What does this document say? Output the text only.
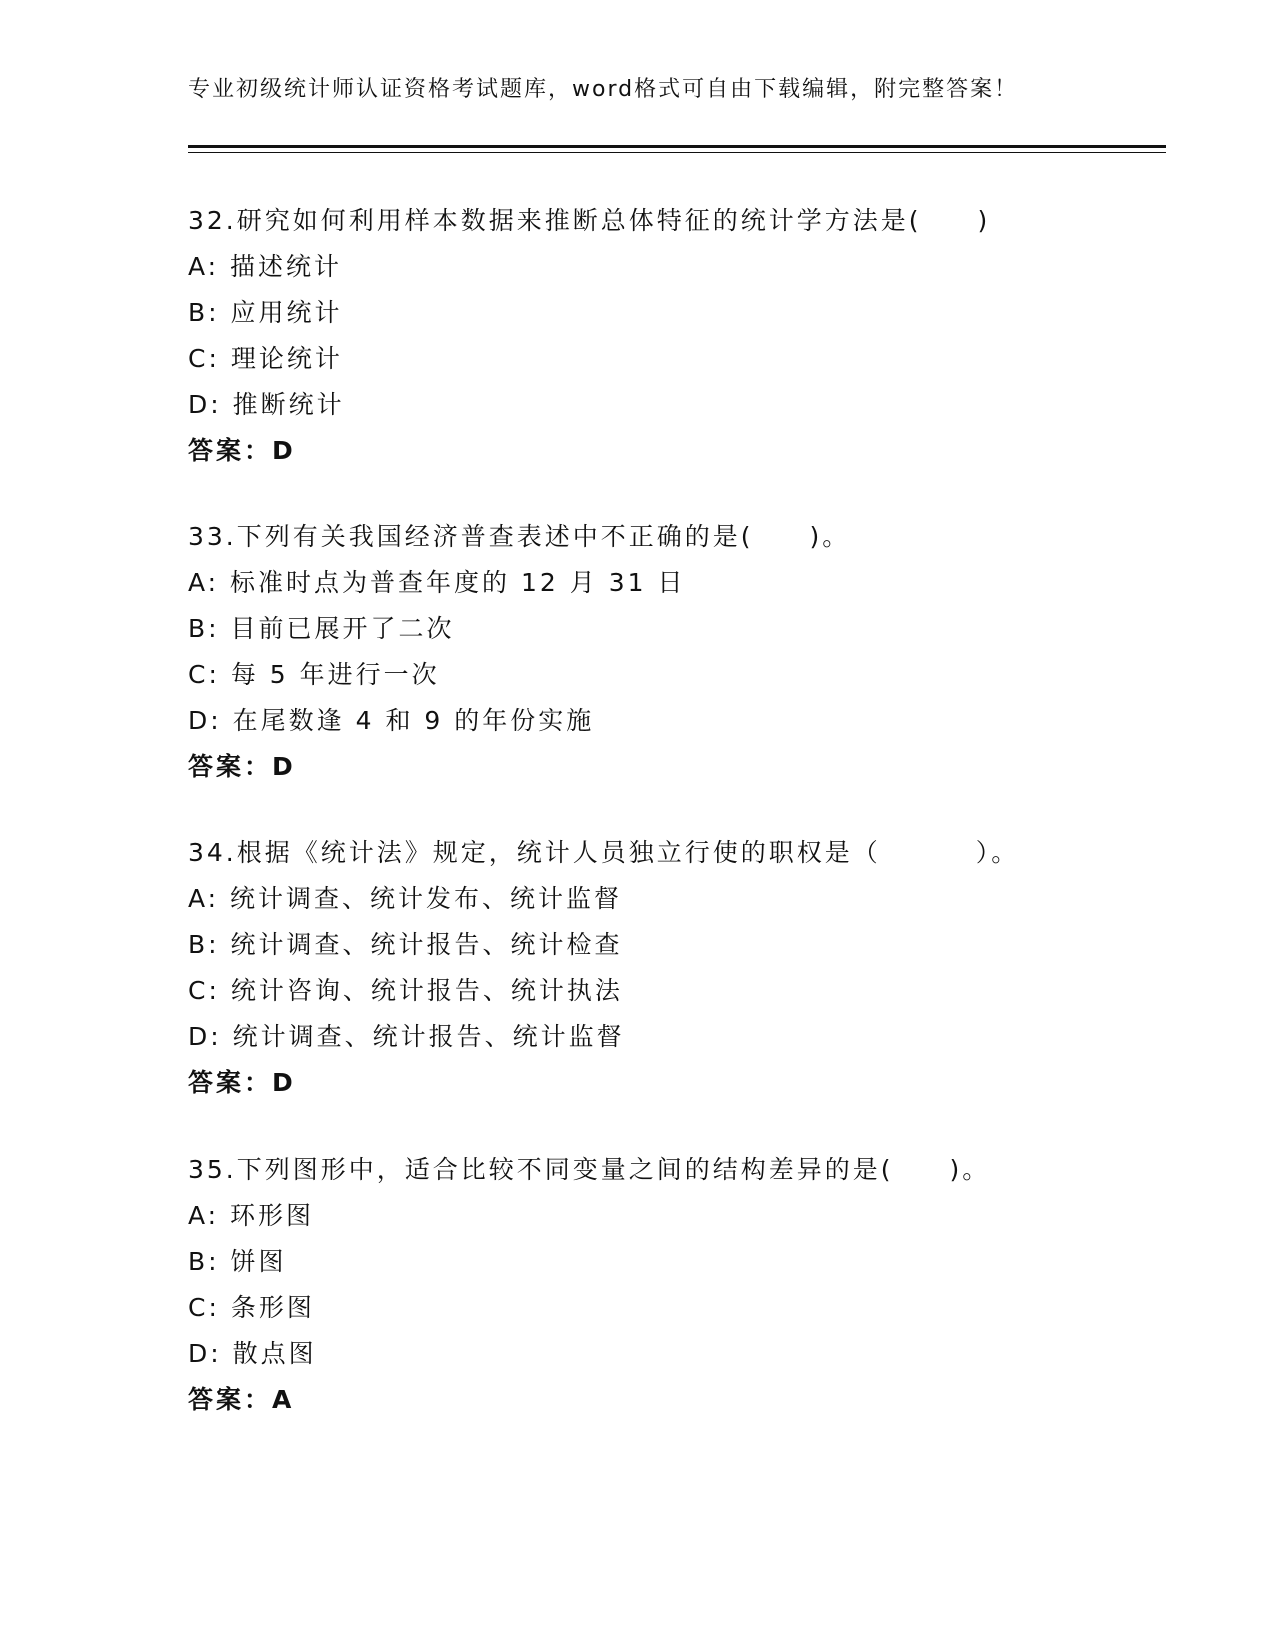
专业初级统计师认证资格考试题库，word格式可自由下载编辑，附完整答案！
32.研究如何利用样本数据来推断总体特征的统计学方法是(　　)
A: 描述统计
B: 应用统计
C: 理论统计
D: 推断统计
答案：D
33.下列有关我国经济普查表述中不正确的是(　　)。
A: 标准时点为普查年度的 12 月 31 日
B: 目前已展开了二次
C: 每 5 年进行一次
D: 在尾数逢 4 和 9 的年份实施
答案：D
34.根据《统计法》规定，统计人员独立行使的职权是（　　　 ）。
A: 统计调查、统计发布、统计监督
B: 统计调查、统计报告、统计检查
C: 统计咨询、统计报告、统计执法
D: 统计调查、统计报告、统计监督
答案：D
35.下列图形中，适合比较不同变量之间的结构差异的是(　　)。
A: 环形图
B: 饼图
C: 条形图
D: 散点图
答案：A
